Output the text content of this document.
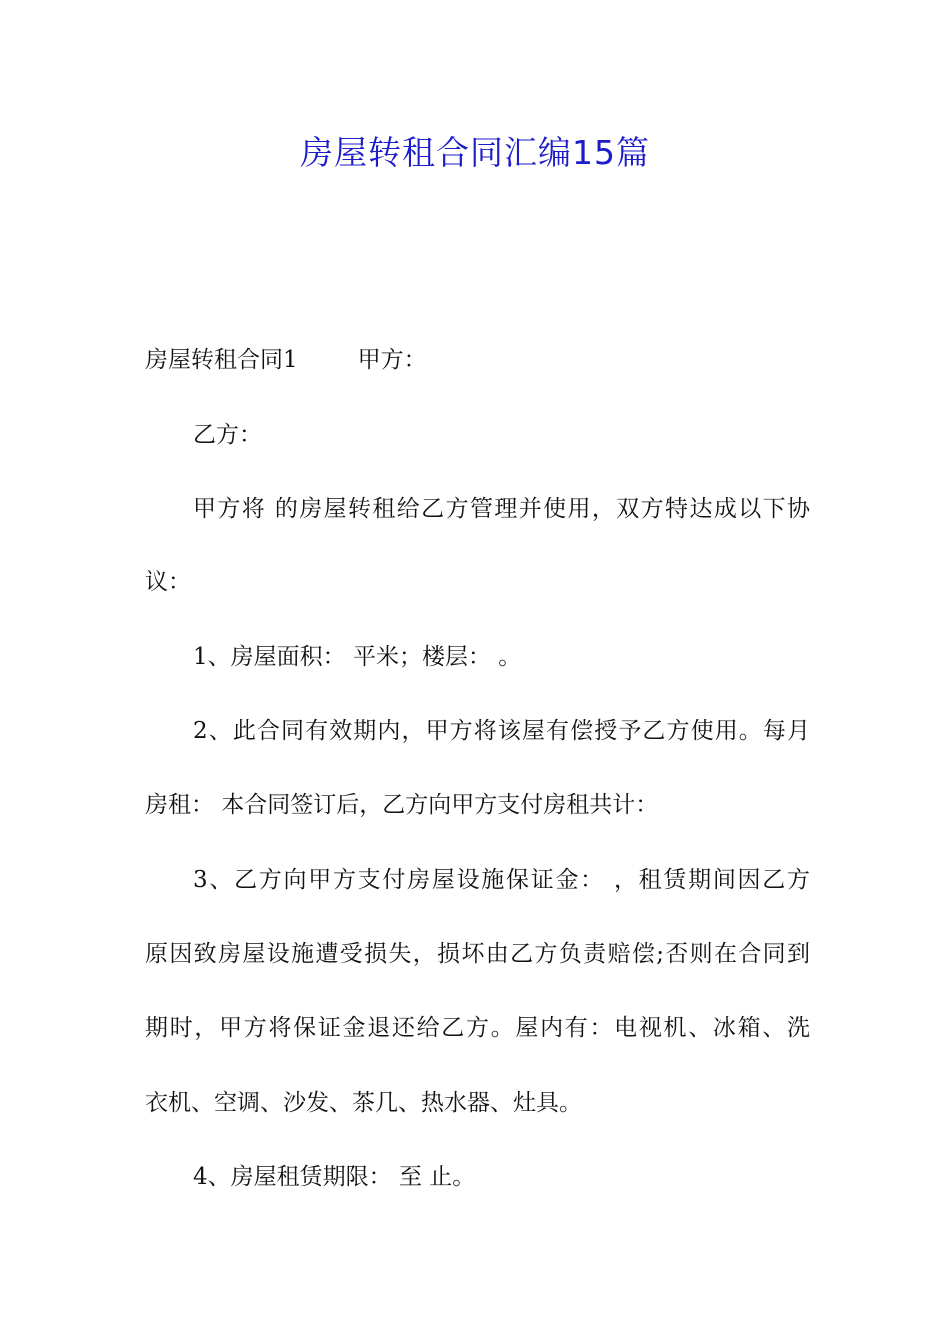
房屋转租合同汇编15篇

房屋转租合同1	甲方：

乙方：

甲方将 的房屋转租给乙方管理并使用，双方特达成以下协

议：

1、房屋面积： 平米；楼层： 。

2、此合同有效期内，甲方将该屋有偿授予乙方使用。每月

房租： 本合同签订后，乙方向甲方支付房租共计：

3、乙方向甲方支付房屋设施保证金： ，租赁期间因乙方

原因致房屋设施遭受损失，损坏由乙方负责赔偿;否则在合同到

期时，甲方将保证金退还给乙方。屋内有：电视机、冰箱、洗

衣机、空调、沙发、茶几、热水器、灶具。

4、房屋租赁期限： 至 止。
